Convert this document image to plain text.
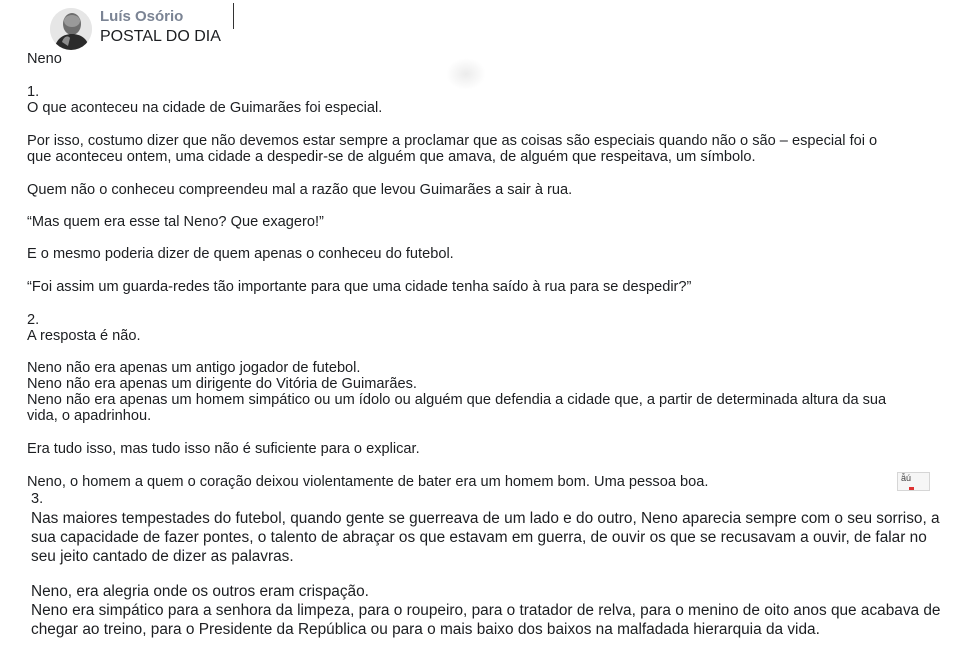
Luís Osório
POSTAL DO DIA
Neno
1.
O que aconteceu na cidade de Guimarães foi especial.
Por isso, costumo dizer que não devemos estar sempre a proclamar que as coisas são especiais quando não o são – especial foi o
que aconteceu ontem, uma cidade a despedir-se de alguém que amava, de alguém que respeitava, um símbolo.
Quem não o conheceu compreendeu mal a razão que levou Guimarães a sair à rua.
“Mas quem era esse tal Neno? Que exagero!”
E o mesmo poderia dizer de quem apenas o conheceu do futebol.
“Foi assim um guarda-redes tão importante para que uma cidade tenha saído à rua para se despedir?”
2.
A resposta é não.
Neno não era apenas um antigo jogador de futebol.
Neno não era apenas um dirigente do Vitória de Guimarães.
Neno não era apenas um homem simpático ou um ídolo ou alguém que defendia a cidade que, a partir de determinada altura da sua
vida, o apadrinhou.
Era tudo isso, mas tudo isso não é suficiente para o explicar.
Neno, o homem a quem o coração deixou violentamente de bater era um homem bom. Uma pessoa boa.	ẫú

3.
Nas maiores tempestades do futebol, quando gente se guerreava de um lado e do outro, Neno aparecia sempre com o seu sorriso, a
sua capacidade de fazer pontes, o talento de abraçar os que estavam em guerra, de ouvir os que se recusavam a ouvir, de falar no
seu jeito cantado de dizer as palavras.
Neno, era alegria onde os outros eram crispação.
Neno era simpático para a senhora da limpeza, para o roupeiro, para o tratador de relva, para o menino de oito anos que acabava de
chegar ao treino, para o Presidente da República ou para o mais baixo dos baixos na malfadada hierarquia da vida.
